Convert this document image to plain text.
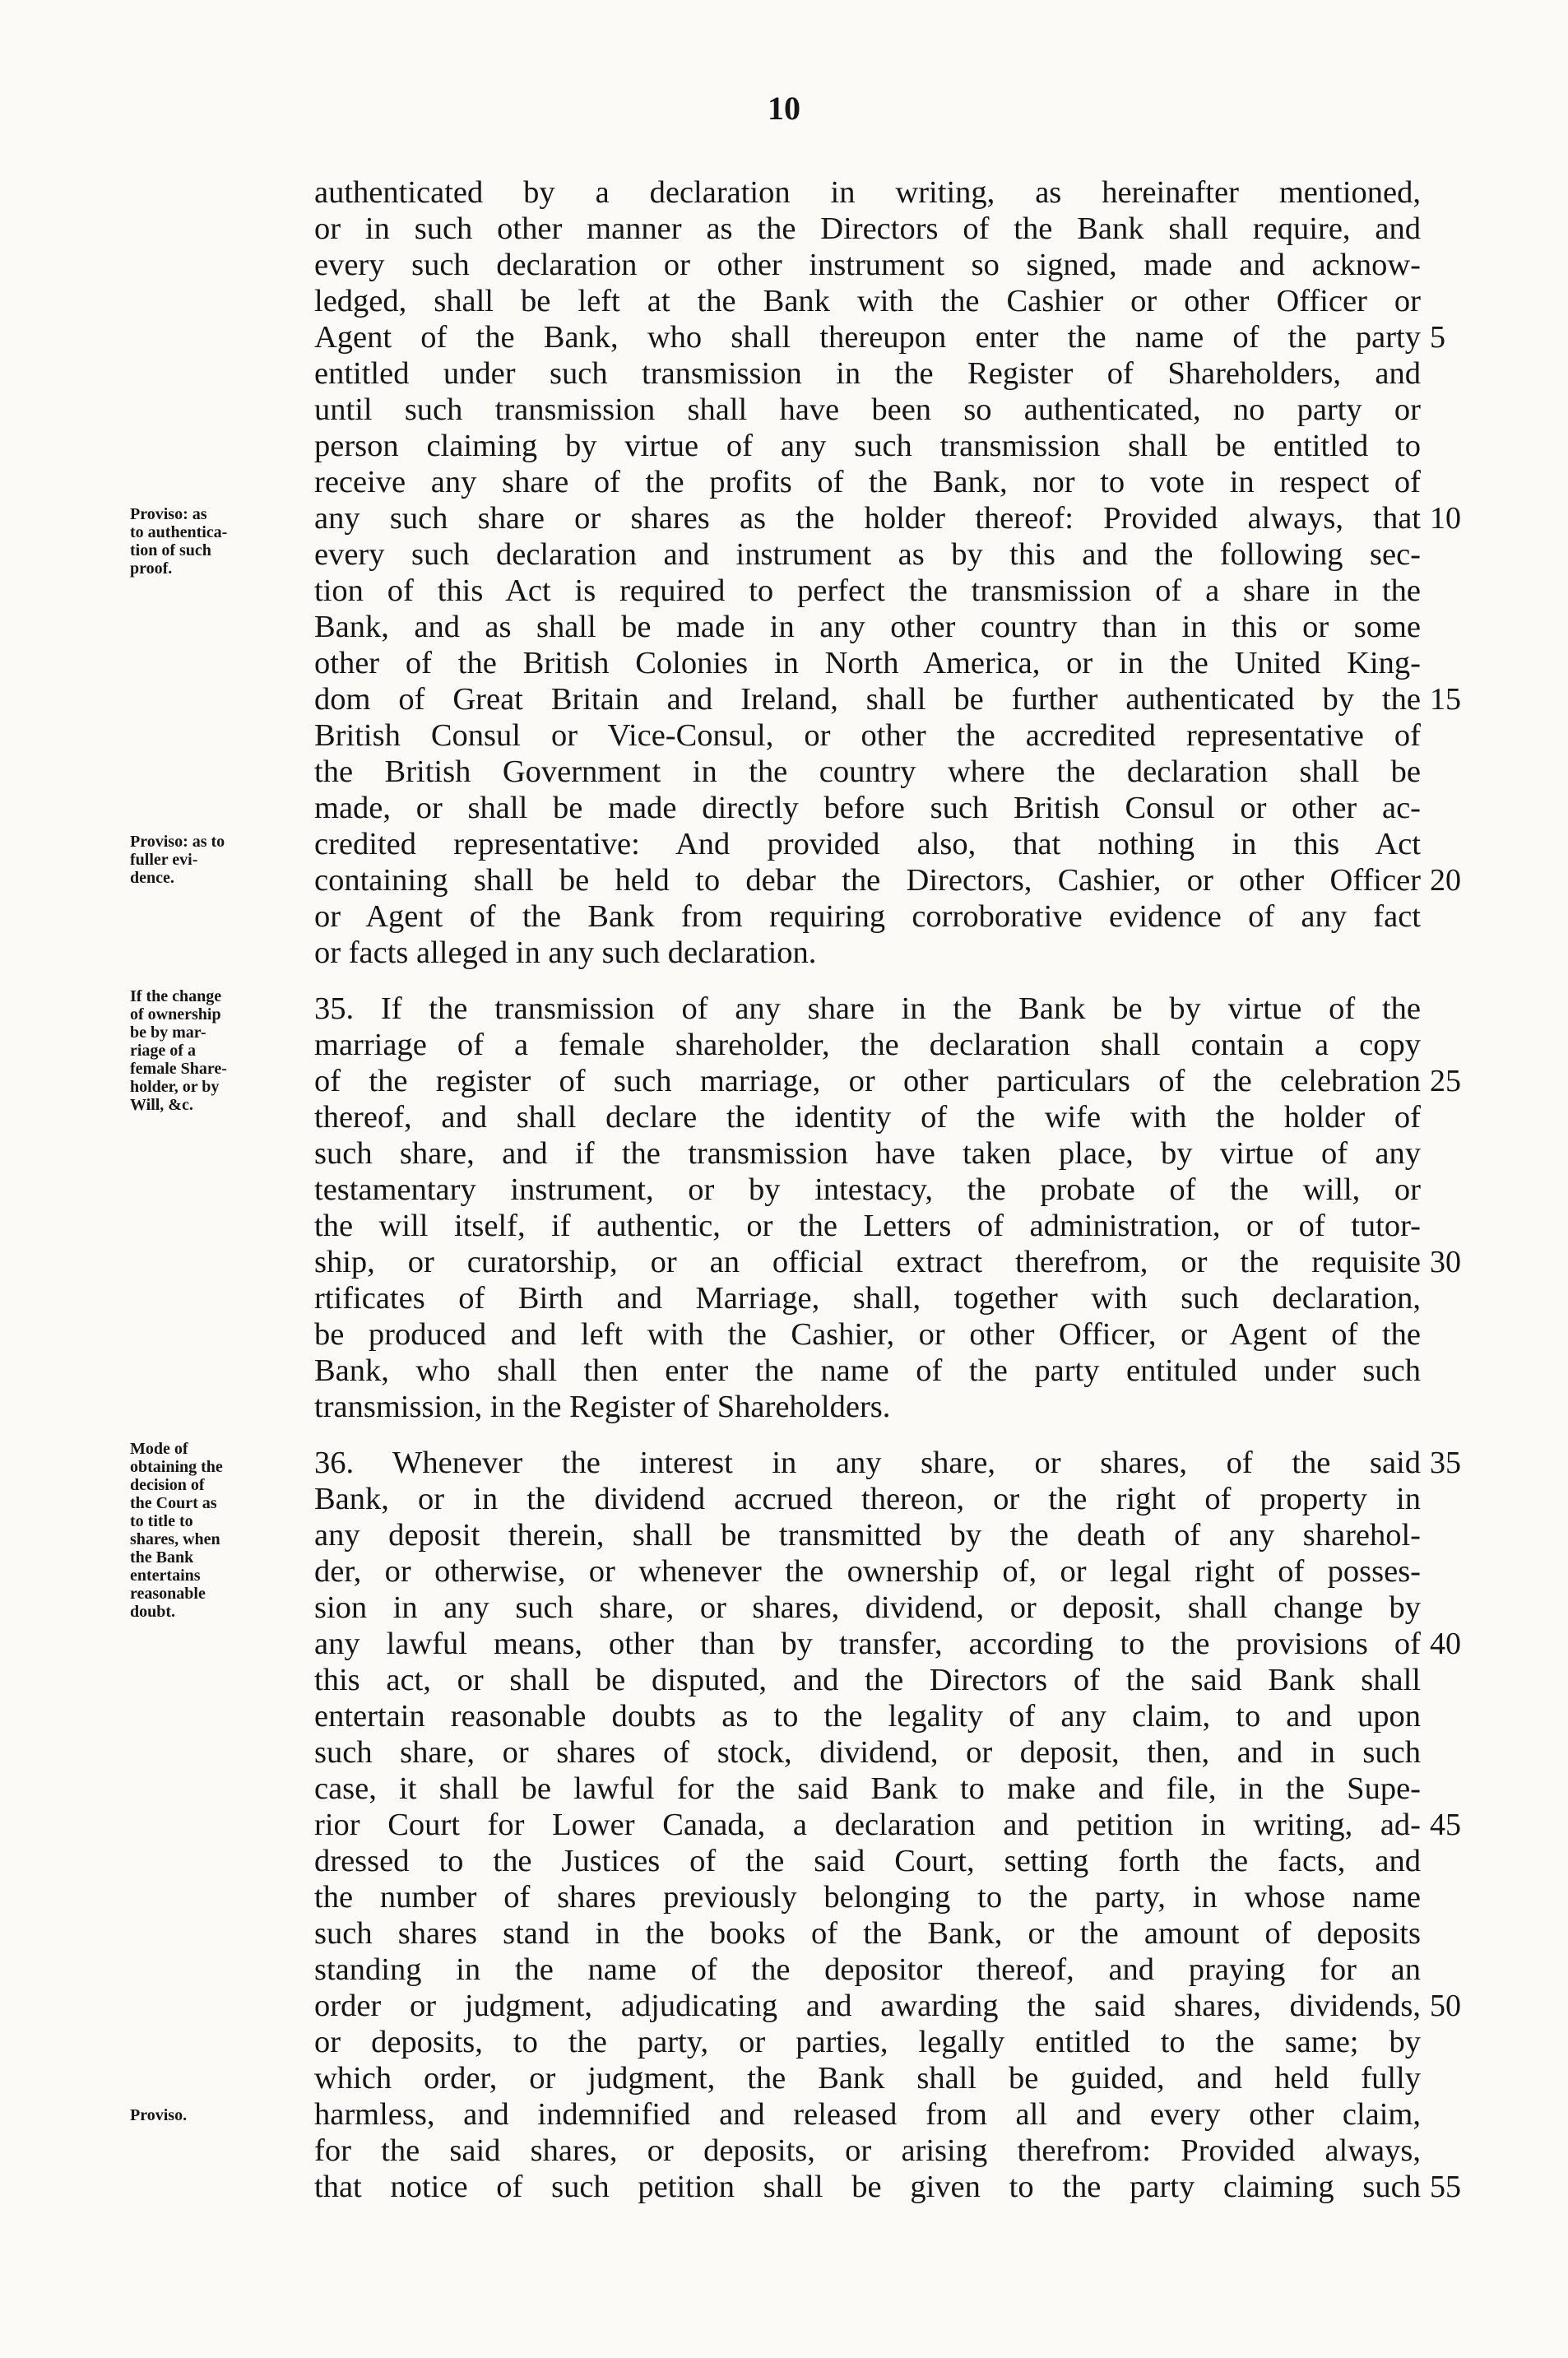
10
authenticated by a declaration in writing, as hereinafter mentioned,
or in such other manner as the Directors of the Bank shall require, and
every such declaration or other instrument so signed, made and acknow-
ledged, shall be left at the Bank with the Cashier or other Officer or
Agent of the Bank, who shall thereupon enter the name of the party
entitled under such transmission in the Register of Shareholders, and
until such transmission shall have been so authenticated, no party or
person claiming by virtue of any such transmission shall be entitled to
receive any share of the profits of the Bank, nor to vote in respect of
any such share or shares as the holder thereof: Provided always, that
every such declaration and instrument as by this and the following sec-
tion of this Act is required to perfect the transmission of a share in the
Bank, and as shall be made in any other country than in this or some
other of the British Colonies in North America, or in the United King-
dom of Great Britain and Ireland, shall be further authenticated by the
British Consul or Vice-Consul, or other the accredited representative of
the British Government in the country where the declaration shall be
made, or shall be made directly before such British Consul or other ac-
credited representative: And provided also, that nothing in this Act
containing shall be held to debar the Directors, Cashier, or other Officer
or Agent of the Bank from requiring corroborative evidence of any fact
or facts alleged in any such declaration.
35. If the transmission of any share in the Bank be by virtue of the
marriage of a female shareholder, the declaration shall contain a copy
of the register of such marriage, or other particulars of the celebration
thereof, and shall declare the identity of the wife with the holder of
such share, and if the transmission have taken place, by virtue of any
testamentary instrument, or by intestacy, the probate of the will, or
the will itself, if authentic, or the Letters of administration, or of tutor-
ship, or curatorship, or an official extract therefrom, or the requisite
rtificates of Birth and Marriage, shall, together with such declaration,
be produced and left with the Cashier, or other Officer, or Agent of the
Bank, who shall then enter the name of the party entituled under such
transmission, in the Register of Shareholders.
36. Whenever the interest in any share, or shares, of the said
Bank, or in the dividend accrued thereon, or the right of property in
any deposit therein, shall be transmitted by the death of any sharehol-
der, or otherwise, or whenever the ownership of, or legal right of posses-
sion in any such share, or shares, dividend, or deposit, shall change by
any lawful means, other than by transfer, according to the provisions of
this act, or shall be disputed, and the Directors of the said Bank shall
entertain reasonable doubts as to the legality of any claim, to and upon
such share, or shares of stock, dividend, or deposit, then, and in such
case, it shall be lawful for the said Bank to make and file, in the Supe-
rior Court for Lower Canada, a declaration and petition in writing, ad-
dressed to the Justices of the said Court, setting forth the facts, and
the number of shares previously belonging to the party, in whose name
such shares stand in the books of the Bank, or the amount of deposits
standing in the name of the depositor thereof, and praying for an
order or judgment, adjudicating and awarding the said shares, dividends,
or deposits, to the party, or parties, legally entitled to the same; by
which order, or judgment, the Bank shall be guided, and held fully
harmless, and indemnified and released from all and every other claim,
for the said shares, or deposits, or arising therefrom: Provided always,
that notice of such petition shall be given to the party claiming such
5
10
15
20
25
30
35
40
45
50
55
Proviso: as
to authentica-
tion of such
proof.
Proviso: as to
fuller evi-
dence.
If the change
of ownership
be by mar-
riage of a
female Share-
holder, or by
Will, &c.
Mode of
obtaining the
decision of
the Court as
to title to
shares, when
the Bank
entertains
reasonable
doubt.
Proviso.
